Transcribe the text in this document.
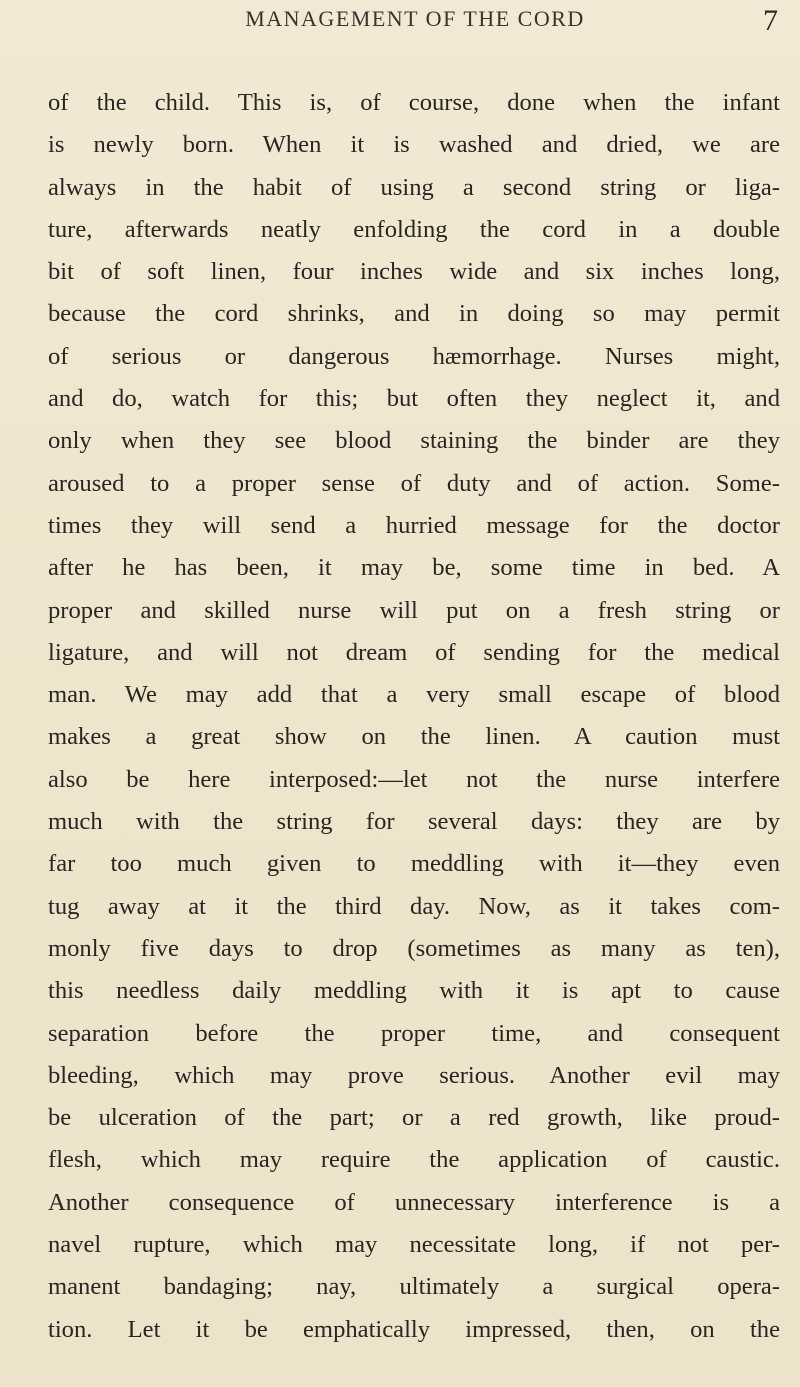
MANAGEMENT OF THE CORD	7
of the child. This is, of course, done when the infant
is newly born. When it is washed and dried, we are
always in the habit of using a second string or liga-
ture, afterwards neatly enfolding the cord in a double
bit of soft linen, four inches wide and six inches long,
because the cord shrinks, and in doing so may permit
of serious or dangerous hæmorrhage. Nurses might,
and do, watch for this; but often they neglect it, and
only when they see blood staining the binder are they
aroused to a proper sense of duty and of action. Some-
times they will send a hurried message for the doctor
after he has been, it may be, some time in bed. A
proper and skilled nurse will put on a fresh string or
ligature, and will not dream of sending for the medical
man. We may add that a very small escape of blood
makes a great show on the linen. A caution must
also be here interposed:—let not the nurse interfere
much with the string for several days: they are by
far too much given to meddling with it—they even
tug away at it the third day. Now, as it takes com-
monly five days to drop (sometimes as many as ten),
this needless daily meddling with it is apt to cause
separation before the proper time, and consequent
bleeding, which may prove serious. Another evil may
be ulceration of the part; or a red growth, like proud-
flesh, which may require the application of caustic.
Another consequence of unnecessary interference is a
navel rupture, which may necessitate long, if not per-
manent bandaging; nay, ultimately a surgical opera-
tion. Let it be emphatically impressed, then, on the
